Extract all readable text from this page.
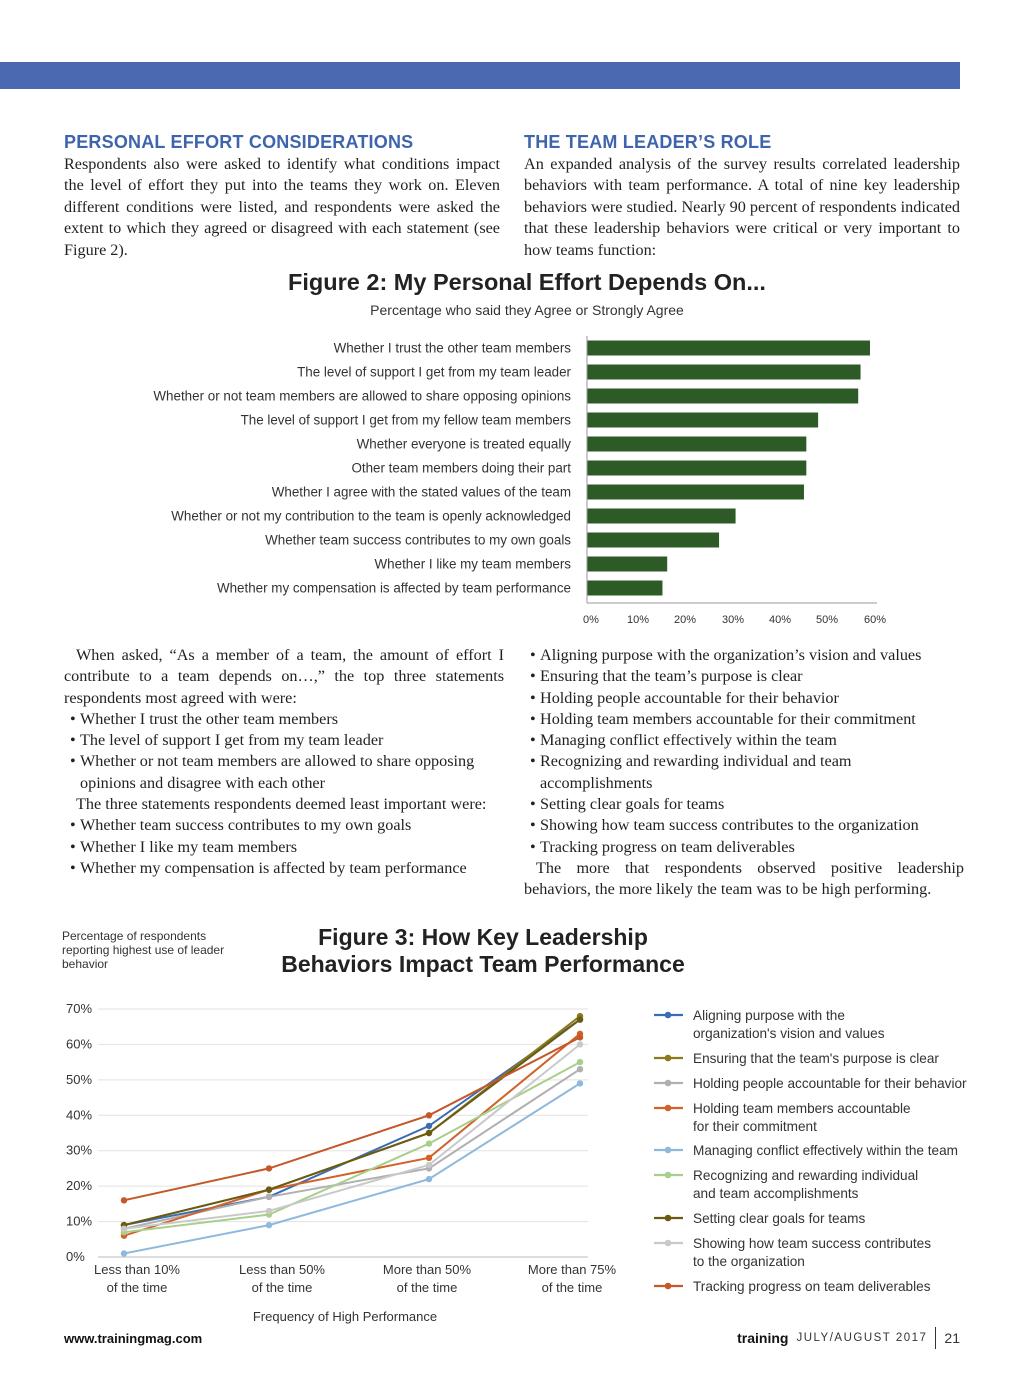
PERSONAL EFFORT CONSIDERATIONS

Respondents also were asked to identify what conditions impact the level of effort they put into the teams they work on. Eleven different conditions were listed, and respondents were asked the extent to which they agreed or disagreed with each statement (see Figure 2).

THE TEAM LEADER’S ROLE

An expanded analysis of the survey results correlated leadership behaviors with team performance. A total of nine key leadership behaviors were studied. Nearly 90 percent of respondents indicated that these leadership behaviors were critical or very important to how teams function:

Figure 2: My Personal Effort Depends On...
Percentage who said they Agree or Strongly Agree
Whether I trust the other team members
The level of support I get from my team leader
Whether or not team members are allowed to share opposing opinions
The level of support I get from my fellow team members
Whether everyone is treated equally
Other team members doing their part
Whether I agree with the stated values of the team
Whether or not my contribution to the team is openly acknowledged
Whether team success contributes to my own goals
Whether I like my team members
Whether my compensation is affected by team performance
0%	10% 20% 30% 40% 50% 60%

When asked, “As a member of a team, the amount of effort I contribute to a team depends on…,” the top three statements respondents most agreed with were:

• Whether I trust the other team members
• The level of support I get from my team leader
• Whether or not team members are allowed to share opposing opinions and disagree with each other

The three statements respondents deemed least important were:

• Whether team success contributes to my own goals
• Whether I like my team members
• Whether my compensation is affected by team performance
• Aligning purpose with the organization’s vision and values
• Ensuring that the team’s purpose is clear
• Holding people accountable for their behavior
• Holding team members accountable for their commitment
• Managing conflict effectively within the team
• Recognizing and rewarding individual and team accomplishments
• Setting clear goals for teams
• Showing how team success contributes to the organization
• Tracking progress on team deliverables

The more that respondents observed positive leadership behaviors, the more likely the team was to be high performing.

Percentage of respondents reporting highest use of leader behavior
Figure 3: How Key Leadership
Behaviors Impact Team Performance
0%
10%
20%
30%
40%
50%
60%
70%
Less than 10%
of the time
Less than 50%
of the time
More than 50%
of the time
More than 75%
of the time
Frequency of High Performance
Aligning purpose with the
organization's vision and values
Ensuring that the team's purpose is clear
Holding people accountable for their behavior
Holding team members accountable
for their commitment
Managing conflict effectively within the team
Recognizing and rewarding individual
and team accomplishments
Setting clear goals for teams
Showing how team success contributes
to the organization
Tracking progress on team deliverables
www.trainingmag.com	training JULY/AUGUST 2017 21
